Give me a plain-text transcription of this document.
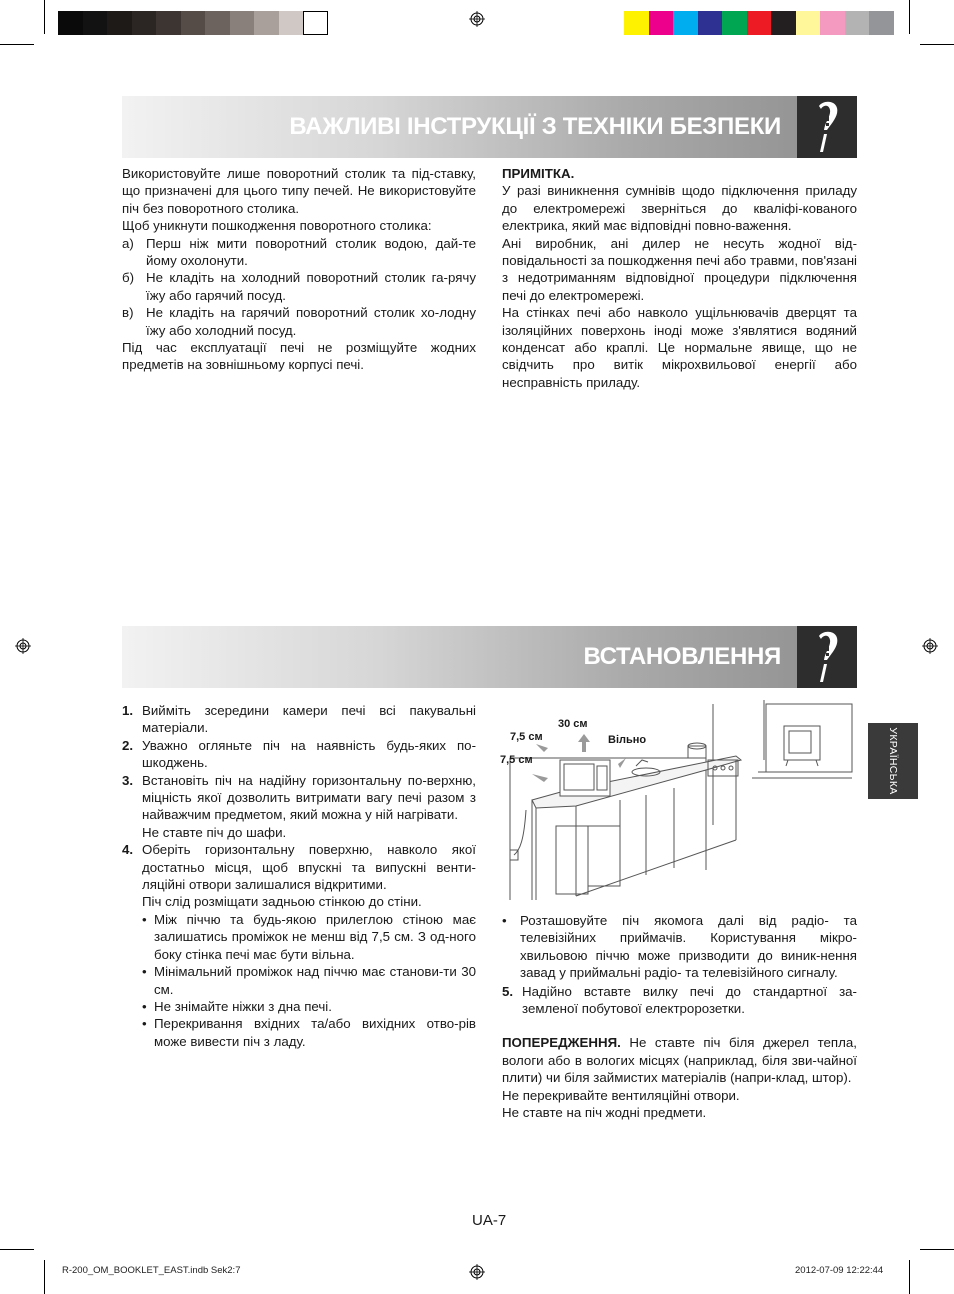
ВАЖЛИВІ ІНСТРУКЦІЇ З ТЕХНІКИ БЕЗПЕКИ

Використовуйте лише поворотний столик та під-ставку, що призначені для цього типу печей. Не використовуйте піч без поворотного столика.

Щоб уникнути пошкодження поворотного столика:

а) Перш ніж мити поворотний столик водою, дай-те йому охолонути.
б) Не кладіть на холодний поворотний столик га-рячу їжу або гарячий посуд.
в) Не кладіть на гарячий поворотний столик хо-лодну їжу або холодний посуд.

Під час експлуатації печі не розміщуйте жодних предметів на зовнішньому корпусі печі.

ПРИМІТКА.

У разі виникнення сумнівів щодо підключення приладу до електромережі зверніться до кваліфі-кованого електрика, який має відповідні повно-важення.

Ані виробник, ані дилер не несуть жодної від-повідальності за пошкодження печі або травми, пов'язані з недотриманням відповідної процедури підключення печі до електромережі.

На стінках печі або навколо ущільнювачів дверцят та ізоляційних поверхонь іноді може з'являтися водяний конденсат або краплі. Це нормальне явище, що не свідчить про витік мікрохвильової енергії або несправність приладу.

ВСТАНОВЛЕННЯ
1. Вийміть зсередини камери печі всі пакувальні матеріали.
2. Уважно огляньте піч на наявність будь-яких по-шкоджень.
3. Встановіть піч на надійну горизонтальну по-верхню, міцність якої дозволить витримати вагу печі разом з найважчим предметом, який можна у ній нагрівати.
Не ставте піч до шафи.
4. Оберіть горизонтальну поверхню, навколо якої достатньо місця, щоб впускні та випускні венти-ляційні отвори залишалися відкритими.
Піч слід розміщати задньою стінкою до стіни.
• Між піччю та будь-якою прилеглою стіною має залишатись проміжок не менш від 7,5 см. З од-ного боку стінка печі має бути вільна.
• Мінімальний проміжок над піччю має станови-ти 30 см.
• Не знімайте ніжки з дна печі.
• Перекривання вхідних та/або вихідних отво-рів може вивести піч з ладу.
30 см
7,5 см
7,5 см
Вільно
•	Розташовуйте піч якомога далі від радіо- та телевізійних приймачів. Користування мікро-хвильовою піччю може призводити до виник-нення завад у приймальні радіо- та телевізійного сигналу.
5. Надійно вставте вилку печі до стандартної за-земленої побутової електророзетки.

ПОПЕРЕДЖЕННЯ. Не ставте піч біля джерел тепла, вологи або в вологих місцях (наприклад, біля зви-чайної плити) чи біля займистих матеріалів (напри-клад, штор).

Не перекривайте вентиляційні отвори.

Не ставте на піч жодні предмети.

УКРАЇНСЬКА
UA-7
R-200_OM_BOOKLET_EAST.indb Sek2:7	2012-07-09 12:22:44
